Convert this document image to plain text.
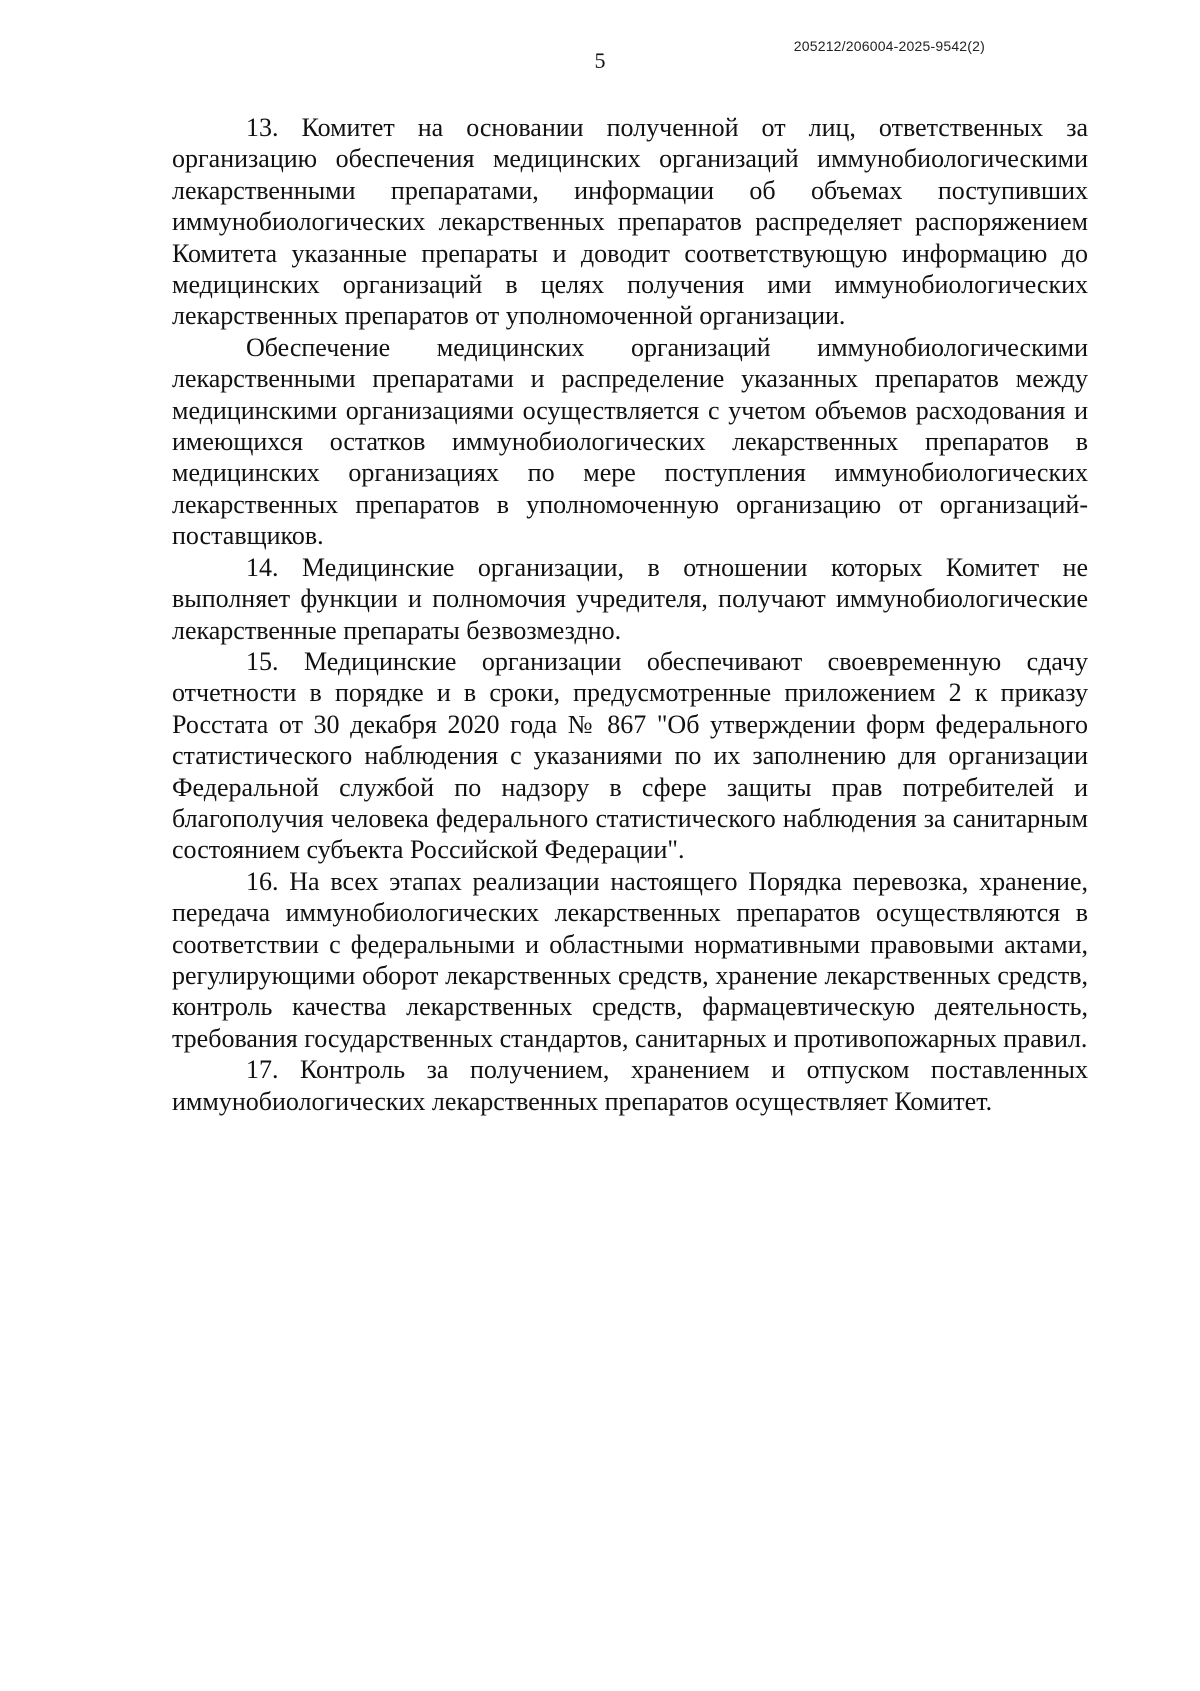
205212/206004-2025-9542(2)
5

13. Комитет на основании полученной от лиц, ответственных за организацию обеспечения медицинских организаций иммунобиологическими лекарственными препаратами, информации об объемах поступивших иммунобиологических лекарственных препаратов распределяет распоряжением Комитета указанные препараты и доводит соответствующую информацию до медицинских организаций в целях получения ими иммунобиологических лекарственных препаратов от уполномоченной организации.

Обеспечение медицинских организаций иммунобиологическими лекарственными препаратами и распределение указанных препаратов между медицинскими организациями осуществляется с учетом объемов расходования и имеющихся остатков иммунобиологических лекарственных препаратов в медицинских организациях по мере поступления иммунобиологических лекарственных препаратов в уполномоченную организацию от организаций-поставщиков.

14. Медицинские организации, в отношении которых Комитет не выполняет функции и полномочия учредителя, получают иммунобиологические лекарственные препараты безвозмездно.

15. Медицинские организации обеспечивают своевременную сдачу отчетности в порядке и в сроки, предусмотренные приложением 2 к приказу Росстата от 30 декабря 2020 года № 867 "Об утверждении форм федерального статистического наблюдения с указаниями по их заполнению для организации Федеральной службой по надзору в сфере защиты прав потребителей и благополучия человека федерального статистического наблюдения за санитарным состоянием субъекта Российской Федерации".

16. На всех этапах реализации настоящего Порядка перевозка, хранение, передача иммунобиологических лекарственных препаратов осуществляются в соответствии с федеральными и областными нормативными правовыми актами, регулирующими оборот лекарственных средств, хранение лекарственных средств, контроль качества лекарственных средств, фармацевтическую деятельность, требования государственных стандартов, санитарных и противопожарных правил.

17. Контроль за получением, хранением и отпуском поставленных иммунобиологических лекарственных препаратов осуществляет Комитет.
